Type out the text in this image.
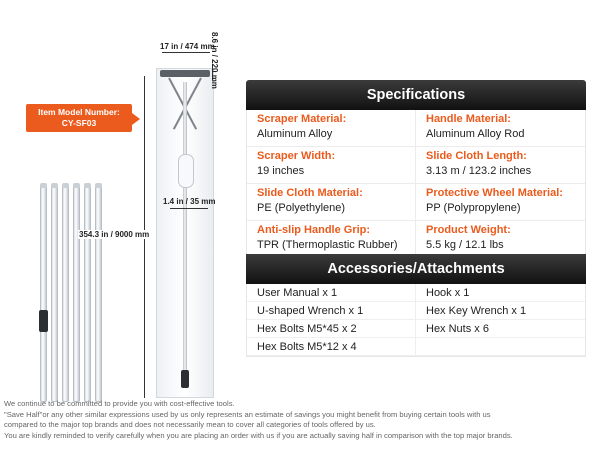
Item Model Number:
CY-SF03
17 in / 474 mm
8.6 in / 220 mm
354.3 in / 9000 mm
1.4 in / 35 mm
Specifications
Scraper Material:
Aluminum Alloy
Handle Material:
Aluminum Alloy Rod
Scraper Width:
19 inches
Slide Cloth Length:
3.13 m / 123.2 inches
Slide Cloth Material:
PE (Polyethylene)
Protective Wheel Material:
PP (Polypropylene)
Anti-slip Handle Grip:
TPR (Thermoplastic Rubber)
Product Weight:
5.5 kg / 12.1 lbs
Accessories/Attachments
User Manual x 1	Hook x 1
U-shaped Wrench x 1	Hex Key Wrench x 1
Hex Bolts M5*45 x 2	Hex Nuts x 6
Hex Bolts M5*12 x 4
We continue to be committed to provide you with cost-effective tools.
"Save Half"or any other similar expressions used by us only represents an estimate of savings you might benefit from buying certain tools with us
compared to the major top brands and does not necessarily mean to cover all categories of tools offered by us.
You are kindly reminded to verify carefully when you are placing an order with us if you are actually saving half in comparison with the top major brands.
